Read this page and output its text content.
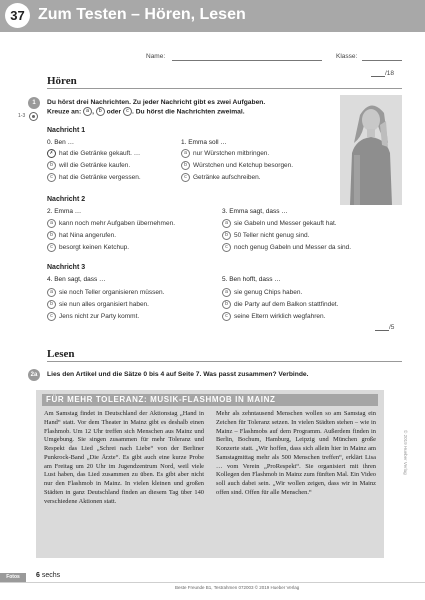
37 Zum Testen – Hören, Lesen
Name:	Klasse:
Hören
/18
1
1-3
Du hörst drei Nachrichten. Zu jeder Nachricht gibt es zwei Aufgaben.
Kreuze an: a , b oder c . Du hörst die Nachrichten zweimal.
Nachricht 1
0. Ben …
✗ hat die Getränke gekauft. …
b will die Getränke kaufen.
c hat die Getränke vergessen.
1. Emma soll …
a nur Würstchen mitbringen.
b Würstchen und Ketchup besorgen.
c Getränke aufschreiben.
Nachricht 2
2. Emma …
a kann noch mehr Aufgaben übernehmen.
b hat Nina angerufen.
c besorgt keinen Ketchup.
3. Emma sagt, dass …
a sie Gabeln und Messer gekauft hat.
b 50 Teller nicht genug sind.
c noch genug Gabeln und Messer da sind.
Nachricht 3
4. Ben sagt, dass …
a sie noch Teller organisieren müssen.
b sie nun alles organisiert haben.
c Jens nicht zur Party kommt.
5. Ben hofft, dass …
a sie genug Chips haben.
b die Party auf dem Balkon stattfindet.
c seine Eltern wirklich wegfahren.
/5
Lesen
2a	Lies den Artikel und die Sätze 0 bis 4 auf Seite 7. Was passt zusammen? Verbinde.
FÜR MEHR TOLERANZ: MUSIK-FLASHMOB IN MAINZ
Am Samstag findet in Deutschland der Aktionstag „Hand in Hand“ statt. Vor dem Theater in Mainz gibt es deshalb einen Flashmob. Um 12 Uhr treffen sich Menschen aus Mainz und Umgebung. Sie singen zusammen für mehr Toleranz und Respekt das Lied „Schrei nach Liebe“ von der Berliner Punkrock-Band „Die Ärzte“. Es gibt auch eine kurze Probe am Freitag um 20 Uhr im Jugendzentrum Nord, weil viele Lust haben, das Lied zusammen zu üben. Es gibt aber nicht nur den Flashmob in Mainz. In vielen kleinen und großen Städten in ganz Deutschland finden an diesem Tag über 140 verschiedene Aktionen statt.
Mehr als zehntausend Menschen wollen so am Samstag ein Zeichen für Toleranz setzen. In vielen Städten stehen – wie in Mainz – Flashmobs auf dem Programm. Außerdem finden in Berlin, Bochum, Hamburg, Leipzig und München große Konzerte statt. „Wir hoffen, dass sich allein hier in Mainz am Samstagmittag mehr als 500 Menschen treffen“, erklärt Lisa … vom Verein „ProRespekt“. Sie organisiert mit ihren Kollegen den Flashmob in Mainz zum fünften Mal. Ein Video soll auch dabei sein. „Wir wollen zeigen, dass wir in Mainz offen sind. Offen für alle Menschen.“
© 2019 Hueber Verlag
Fotos	6 sechs
Beste Freunde B1, Testrahmen 072003 © 2019 Hueber Verlag
